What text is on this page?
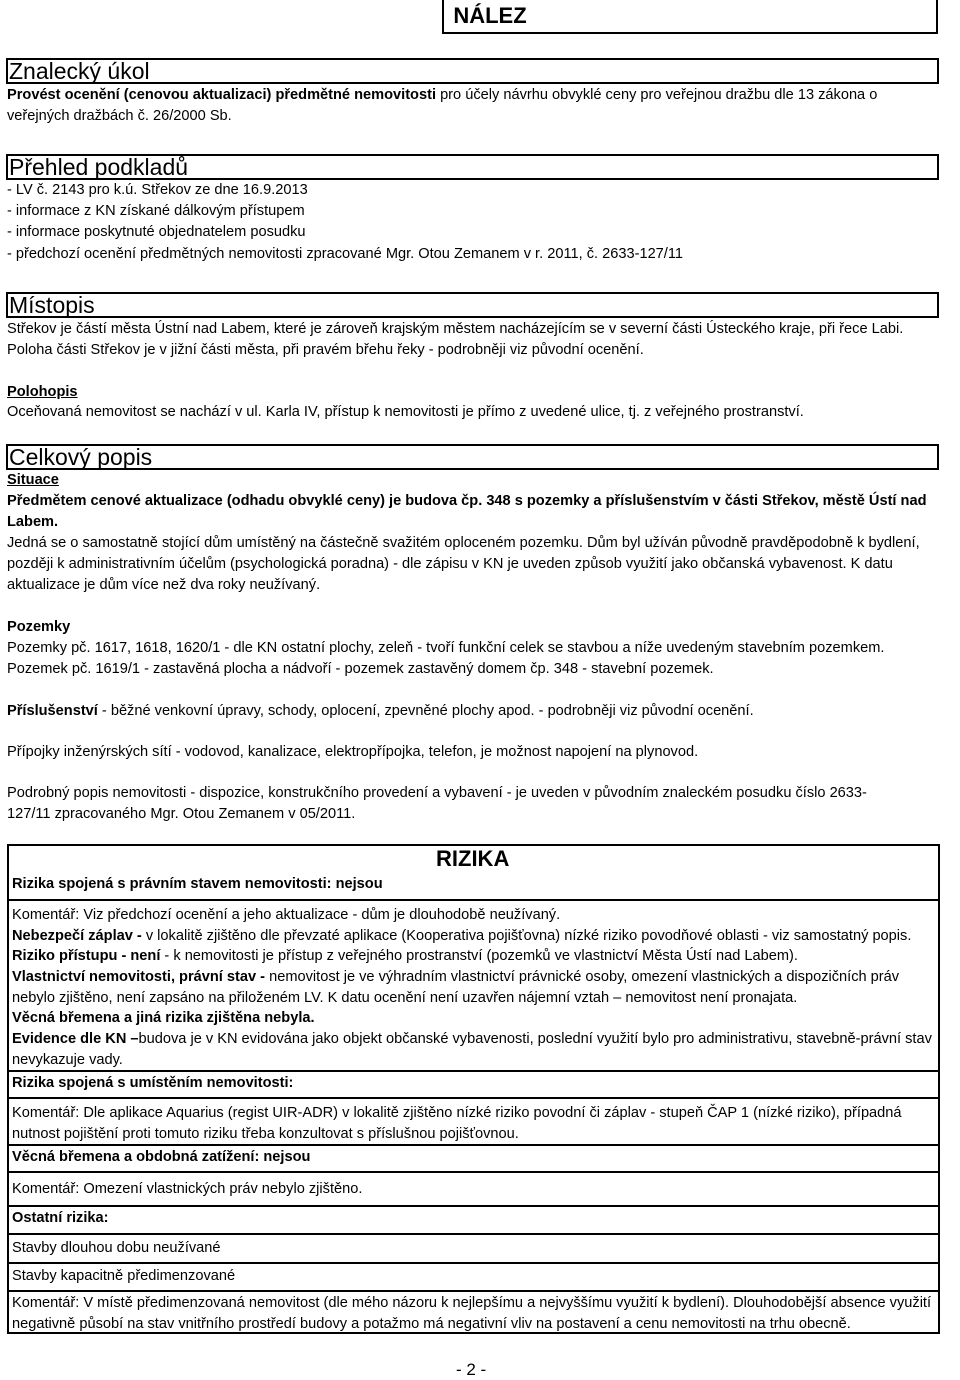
NÁLEZ
Znalecký úkol
Provést ocenění (cenovou aktualizaci) předmětné nemovitosti pro účely návrhu obvyklé ceny pro veřejnou dražbu dle 13 zákona o veřejných dražbách č. 26/2000 Sb.
Přehled podkladů
- LV č. 2143 pro k.ú. Střekov ze dne 16.9.2013
- informace z KN získané dálkovým přístupem
- informace poskytnuté objednatelem posudku
- předchozí ocenění předmětných nemovitosti zpracované Mgr. Otou Zemanem v r. 2011, č. 2633-127/11
Místopis
Střekov je částí města Ústní nad Labem, které je zároveň krajským městem nacházejícím se v severní části Ústeckého kraje, při řece Labi. Poloha části Střekov je v jižní části města, při pravém břehu řeky - podrobněji viz původní ocenění.
Polohopis
Oceňovaná nemovitost se nachází v ul. Karla IV, přístup k nemovitosti je přímo z uvedené ulice, tj. z veřejného prostranství.
Celkový popis
Situace
Předmětem cenové aktualizace (odhadu obvyklé ceny) je budova čp. 348 s pozemky a příslušenstvím v části Střekov, městě Ústí nad Labem.
Jedná se o samostatně stojící dům umístěný na částečně svažitém oploceném pozemku. Dům byl užíván původně pravděpodobně k bydlení, později k administrativním účelům (psychologická poradna) - dle zápisu v KN je uveden způsob využití jako občanská vybavenost. K datu aktualizace je dům více než dva roky neužívaný.
Pozemky
Pozemky pč. 1617, 1618, 1620/1 - dle KN ostatní plochy, zeleň - tvoří funkční celek se stavbou a níže uvedeným stavebním pozemkem.
Pozemek pč. 1619/1 - zastavěná plocha a nádvoří - pozemek zastavěný domem čp. 348 - stavební pozemek.
Příslušenství - běžné venkovní úpravy, schody, oplocení, zpevněné plochy apod. - podrobněji viz původní ocenění.
Přípojky inženýrských sítí - vodovod, kanalizace, elektropřípojka, telefon, je možnost napojení na plynovod.
Podrobný popis nemovitosti - dispozice, konstrukčního provedení a vybavení - je uveden v původním znaleckém posudku číslo 2633-127/11 zpracovaného Mgr. Otou Zemanem v 05/2011.
RIZIKA
Rizika spojená s právním stavem nemovitosti: nejsou
Komentář: Viz předchozí ocenění a jeho aktualizace - dům je dlouhodobě neužívaný.
Nebezpečí záplav - v lokalitě zjištěno dle převzaté aplikace (Kooperativa pojišťovna) nízké riziko povodňové oblasti - viz samostatný popis.
Riziko přístupu - není - k nemovitosti je přístup z veřejného prostranství (pozemků ve vlastnictví Města Ústí nad Labem).
Vlastnictví nemovitosti, právní stav - nemovitost je ve výhradním vlastnictví právnické osoby, omezení vlastnických a dispozičních práv nebylo zjištěno, není zapsáno na přiloženém LV. K datu ocenění není uzavřen nájemní vztah – nemovitost není pronajata.
Věcná břemena a jiná rizika zjištěna nebyla.
Evidence dle KN –budova je v KN evidována jako objekt občanské vybavenosti, poslední využití bylo pro administrativu, stavebně-právní stav nevykazuje vady.
Rizika spojená s umístěním nemovitosti:
Komentář: Dle aplikace Aquarius (regist UIR-ADR) v lokalitě zjištěno nízké riziko povodní či záplav - stupeň ČAP 1 (nízké riziko), případná nutnost pojištění proti tomuto riziku třeba konzultovat s příslušnou pojišťovnou.
Věcná břemena a obdobná zatížení: nejsou
Komentář: Omezení vlastnických práv nebylo zjištěno.
Ostatní rizika:
Stavby dlouhou dobu neužívané
Stavby kapacitně předimenzované
Komentář: V místě předimenzovaná nemovitost (dle mého názoru k nejlepšímu a nejvyššímu využití k bydlení). Dlouhodobější absence využití negativně působí na stav vnitřního prostředí budovy a potažmo má negativní vliv na postavení a cenu nemovitosti na trhu obecně.
- 2 -
